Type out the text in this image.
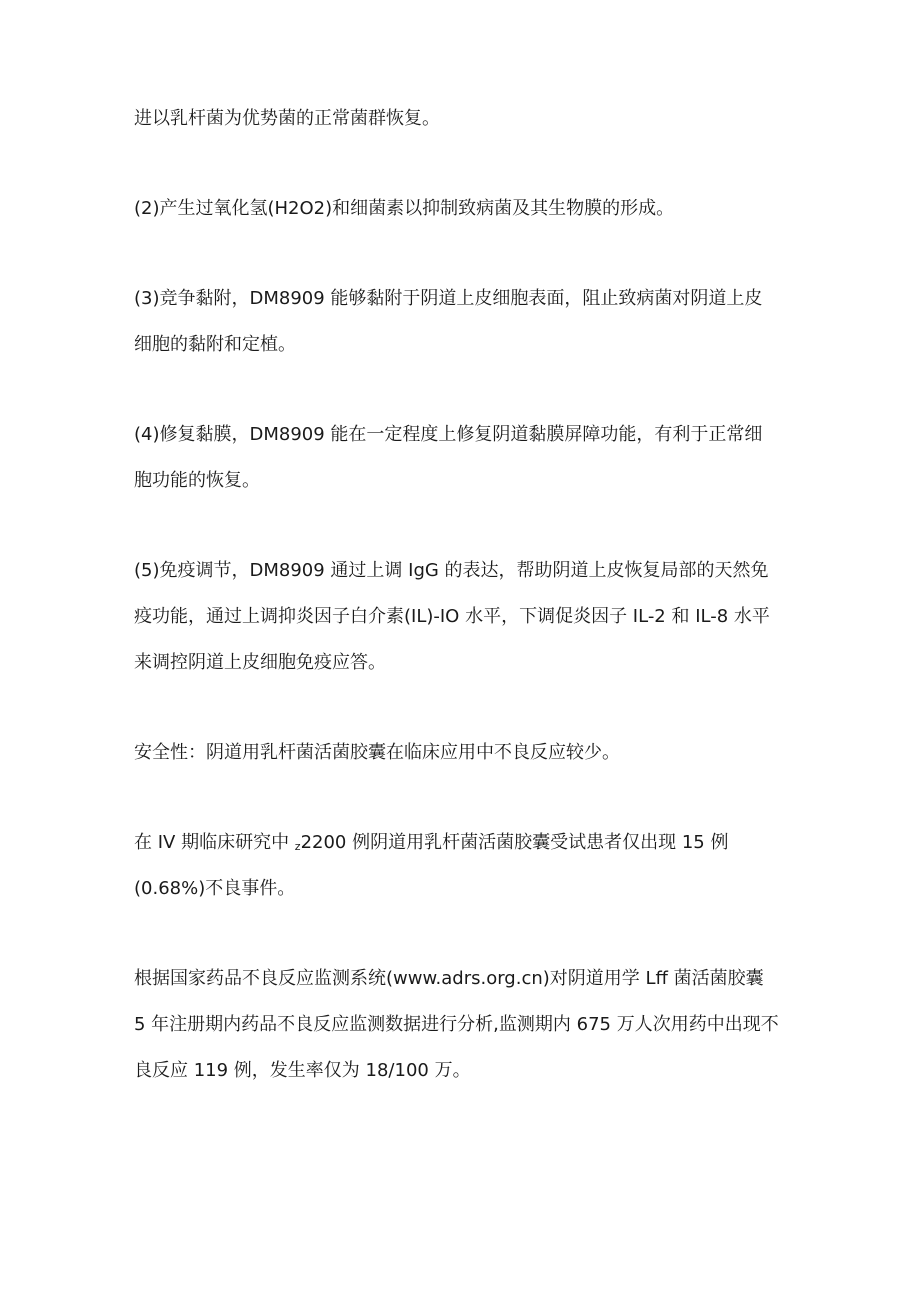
进以乳杆菌为优势菌的正常菌群恢复。

(2)产生过氧化氢(H2O2)和细菌素以抑制致病菌及其生物膜的形成。

(3)竞争黏附，DM8909 能够黏附于阴道上皮细胞表面，阻止致病菌对阴道上皮
细胞的黏附和定植。

(4)修复黏膜，DM8909 能在一定程度上修复阴道黏膜屏障功能，有利于正常细
胞功能的恢复。

(5)免疫调节，DM8909 通过上调 IgG 的表达，帮助阴道上皮恢复局部的天然免
疫功能，通过上调抑炎因子白介素(IL)-IO 水平，下调促炎因子 IL-2 和 IL-8 水平
来调控阴道上皮细胞免疫应答。

安全性：阴道用乳杆菌活菌胶囊在临床应用中不良反应较少。

在 IV 期临床研究中 $_z$2200 例阴道用乳杆菌活菌胶囊受试患者仅出现 15 例
(0.68%)不良事件。

根据国家药品不良反应监测系统(www.adrs.org.cn)对阴道用学 Lff 菌活菌胶囊
5 年注册期内药品不良反应监测数据进行分析,监测期内 675 万人次用药中出现不
良反应 119 例，发生率仅为 18/100 万。
